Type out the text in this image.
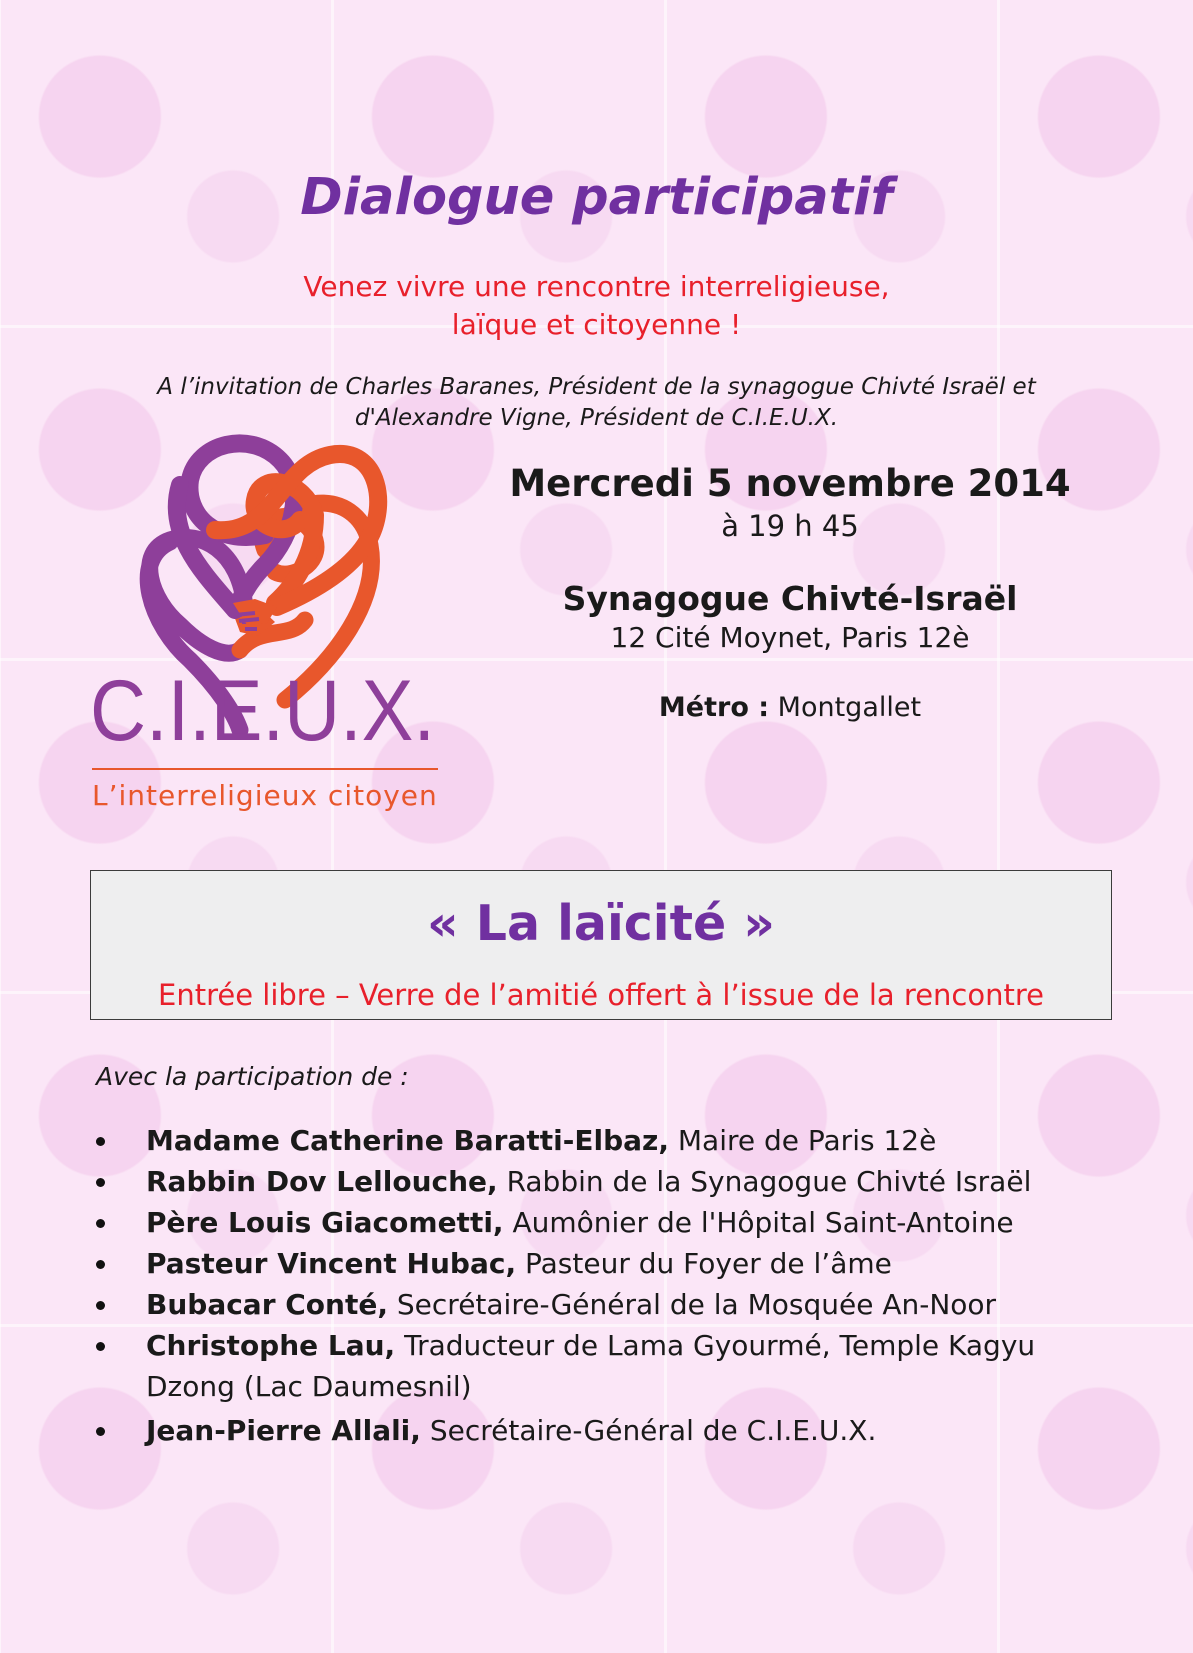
Dialogue participatif
Venez vivre une rencontre interreligieuse,
laïque et citoyenne !
A l’invitation de Charles Baranes, Président de la synagogue Chivté Israël et
d'Alexandre Vigne, Président de C.I.E.U.X.
C.I.E.U.X.
L’interreligieux citoyen
Mercredi 5 novembre 2014
à 19 h 45
Synagogue Chivté-Israël
12 Cité Moynet, Paris 12è
Métro : Montgallet
« La laïcité »
Entrée libre – Verre de l’amitié offert à l’issue de la rencontre
Avec la participation de :
Madame Catherine Baratti-Elbaz, Maire de Paris 12è
Rabbin Dov Lellouche, Rabbin de la Synagogue Chivté Israël
Père Louis Giacometti, Aumônier de l'Hôpital Saint-Antoine
Pasteur Vincent Hubac, Pasteur du Foyer de l’âme
Bubacar Conté, Secrétaire-Général de la Mosquée An-Noor
Christophe Lau, Traducteur de Lama Gyourmé, Temple Kagyu Dzong (Lac Daumesnil)
Jean-Pierre Allali, Secrétaire-Général de C.I.E.U.X.
